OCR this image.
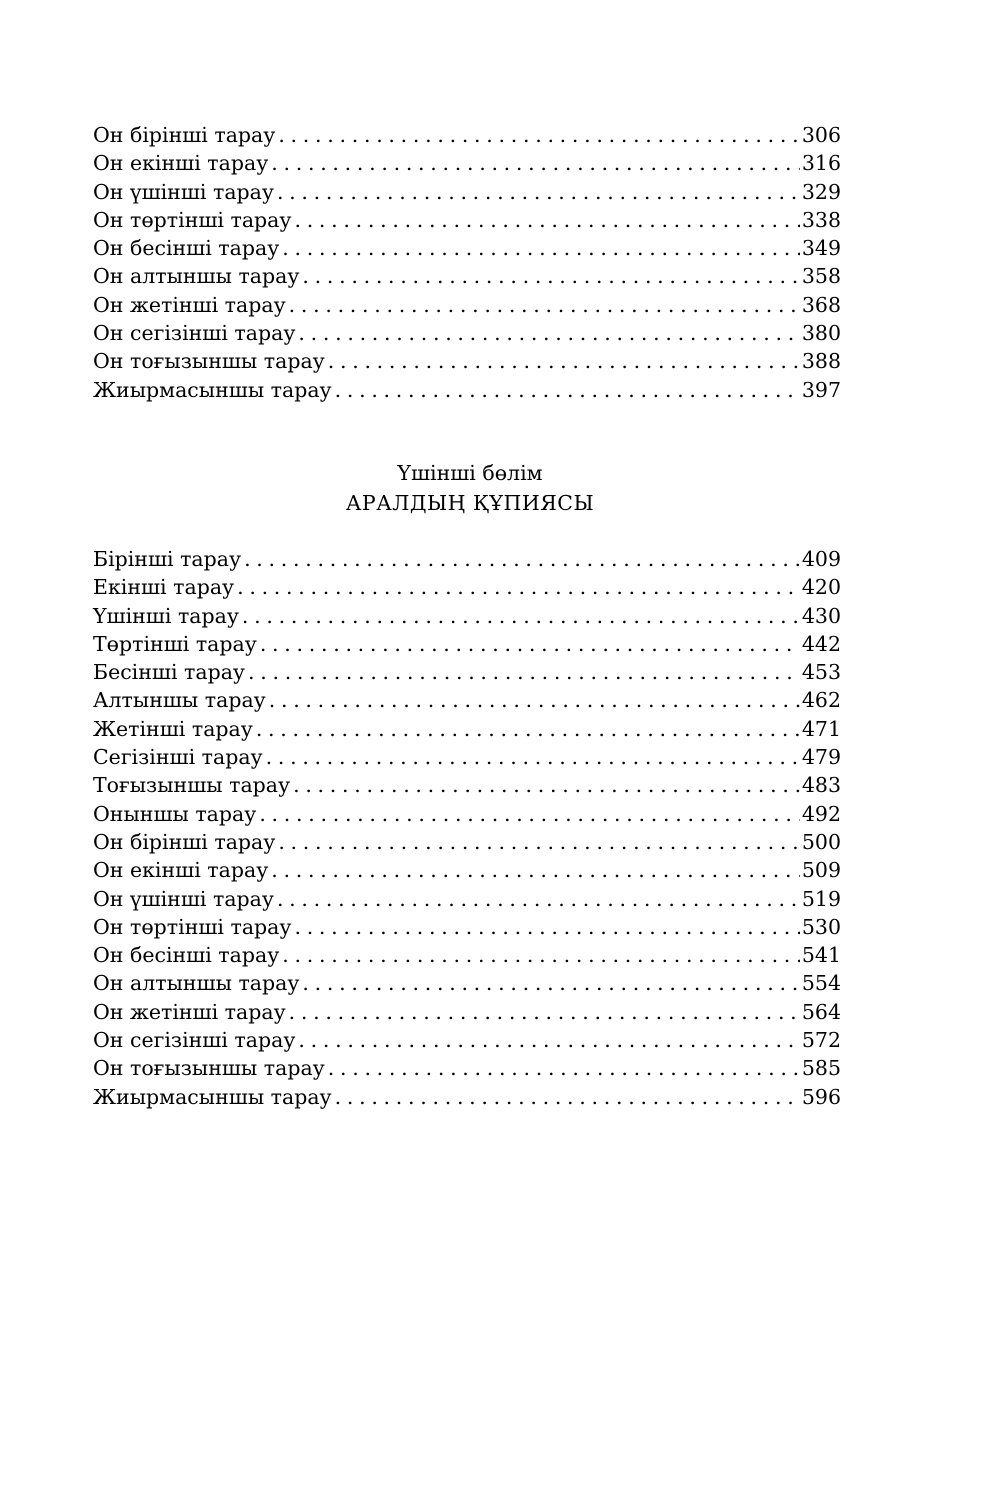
Он бірінші тарау . . .	306
Он екінші тарау . . .	316
Он үшінші тарау . . .	329
Он төртінші тарау . . .	338
Он бесінші тарау . . .	349
Он алтыншы тарау . . .	358
Он жетінші тарау . . .	368
Он сегізінші тарау . . .	380
Он тоғызыншы тарау . . .	388
Жиырмасыншы тарау . . .	397
Үшінші бөлім
АРАЛДЫҢ ҚҰПИЯСЫ
Бірінші тарау . . .	409
Екінші тарау . . .	420
Үшінші тарау . . .	430
Төртінші тарау . . .	442
Бесінші тарау . . .	453
Алтыншы тарау . . .	462
Жетінші тарау . . .	471
Сегізінші тарау . . .	479
Тоғызыншы тарау . . .	483
Оныншы тарау . . .	492
Он бірінші тарау . . .	500
Он екінші тарау . . .	509
Он үшінші тарау . . .	519
Он төртінші тарау . . .	530
Он бесінші тарау . . .	541
Он алтыншы тарау . . .	554
Он жетінші тарау . . .	564
Он сегізінші тарау . . .	572
Он тоғызыншы тарау . . .	585
Жиырмасыншы тарау . . .	596
